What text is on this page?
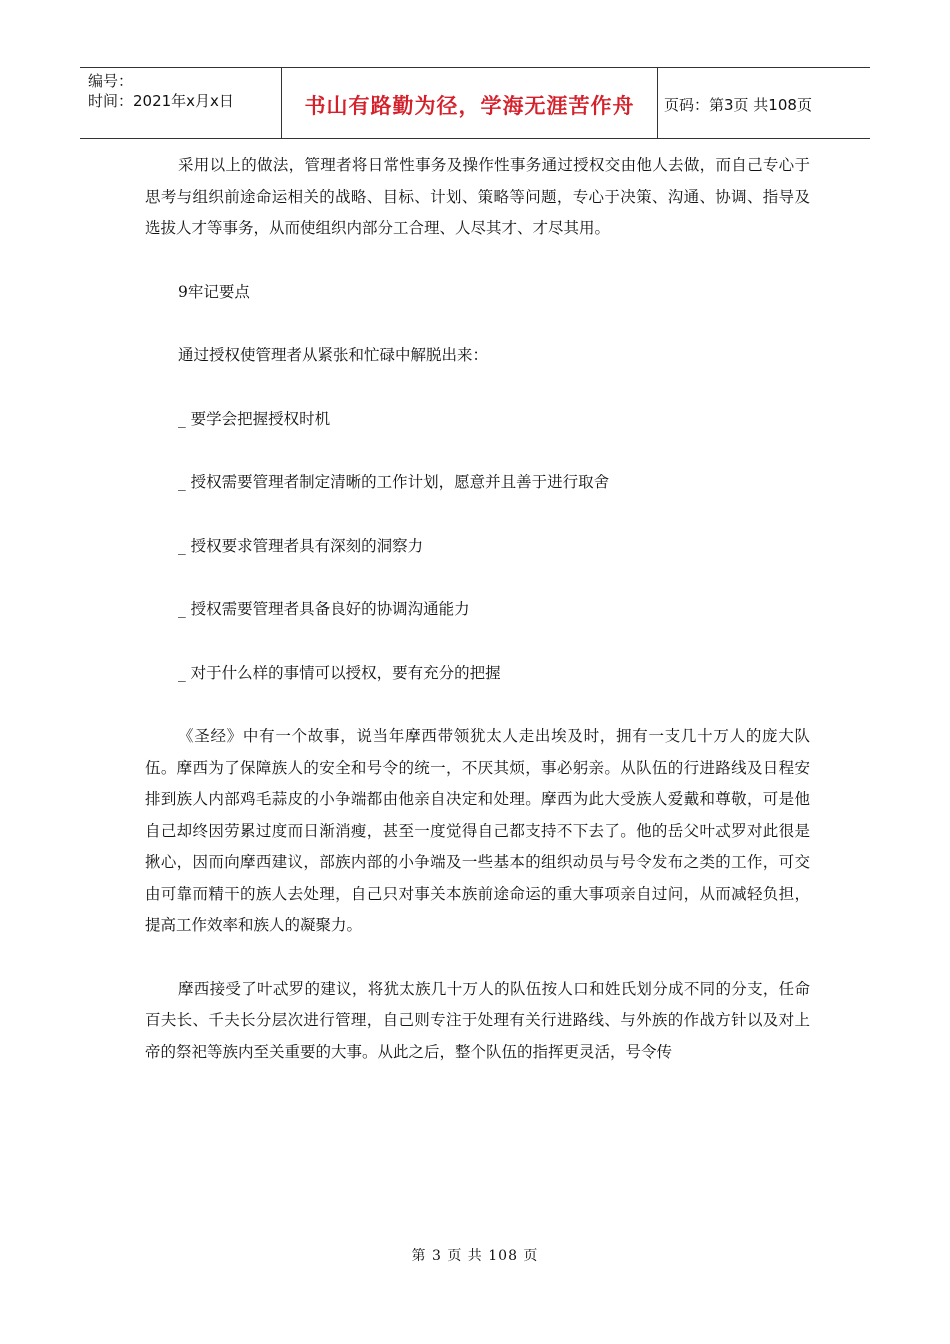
编号：
时间：2021年x月x日	书山有路勤为径，学海无涯苦作舟	页码：第3页 共108页

采用以上的做法，管理者将日常性事务及操作性事务通过授权交由他人去做，而自己专心于思考与组织前途命运相关的战略、目标、计划、策略等问题，专心于决策、沟通、协调、指导及选拔人才等事务，从而使组织内部分工合理、人尽其才、才尽其用。

9牢记要点

通过授权使管理者从紧张和忙碌中解脱出来：

_ 要学会把握授权时机

_ 授权需要管理者制定清晰的工作计划，愿意并且善于进行取舍

_ 授权要求管理者具有深刻的洞察力

_ 授权需要管理者具备良好的协调沟通能力

_ 对于什么样的事情可以授权，要有充分的把握

《圣经》中有一个故事，说当年摩西带领犹太人走出埃及时，拥有一支几十万人的庞大队伍。摩西为了保障族人的安全和号令的统一，不厌其烦，事必躬亲。从队伍的行进路线及日程安排到族人内部鸡毛蒜皮的小争端都由他亲自决定和处理。摩西为此大受族人爱戴和尊敬，可是他自己却终因劳累过度而日渐消瘦，甚至一度觉得自己都支持不下去了。他的岳父叶忒罗对此很是揪心，因而向摩西建议，部族内部的小争端及一些基本的组织动员与号令发布之类的工作，可交由可靠而精干的族人去处理，自己只对事关本族前途命运的重大事项亲自过问，从而减轻负担，提高工作效率和族人的凝聚力。

摩西接受了叶忒罗的建议，将犹太族几十万人的队伍按人口和姓氏划分成不同的分支，任命百夫长、千夫长分层次进行管理，自己则专注于处理有关行进路线、与外族的作战方针以及对上帝的祭祀等族内至关重要的大事。从此之后，整个队伍的指挥更灵活，号令传

第 3 页 共 108 页
